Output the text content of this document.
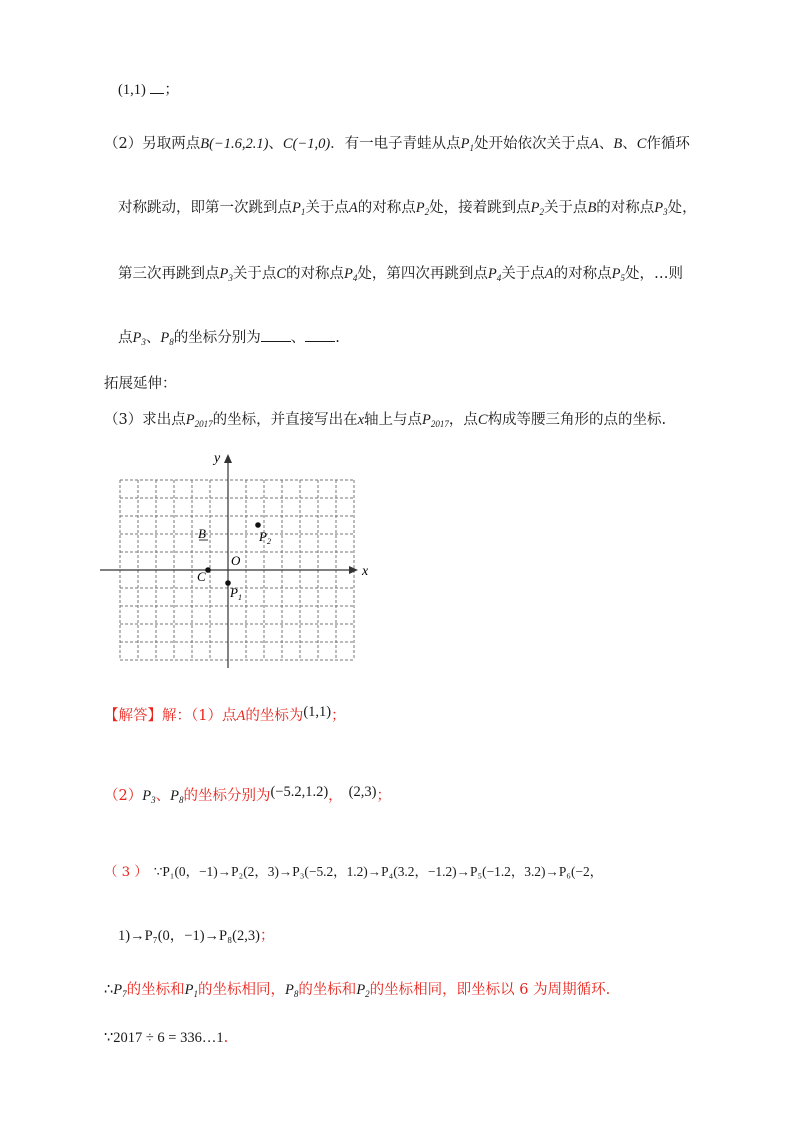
(1,1) ；
（2）另取两点B(−1.6,2.1)、C(−1,0)．有一电子青蛙从点$P_1$处开始依次关于点A、B、C作循环
对称跳动，即第一次跳到点$P_1$关于点A的对称点$P_2$处，接着跳到点$P_2$关于点B的对称点$P_3$处，
第三次再跳到点$P_3$关于点C的对称点$P_4$处，第四次再跳到点$P_4$关于点A的对称点$P_5$处，…则
点$P_3$、$P_8$的坐标分别为 、 .
拓展延伸：
（3）求出点$P_{2017}$的坐标，并直接写出在x轴上与点$P_{2017}$，点C构成等腰三角形的点的坐标.
y
x
O
B	$P_2$
C
$P_1$
【解答】解：（1）点A的坐标为(1,1)；
$(2)P_3$、$P_8$的坐标分别为(−5.2,1.2)， (2,3)；
（ 3 ） ∵P₁(0，−1)→P₂(2，3)→P₃(−5.2，1.2)→P₄(3.2，−1.2)→P₅(−1.2，3.2)→P₆(−2，
1)→P₇(0，−1)→P₈(2,3)；
$\therefore P_7$的坐标和$P_1$的坐标相同，$P_8$的坐标和$P_2$的坐标相同，即坐标以 6 为周期循环.
∵2017 ÷ 6 = 336…1.
